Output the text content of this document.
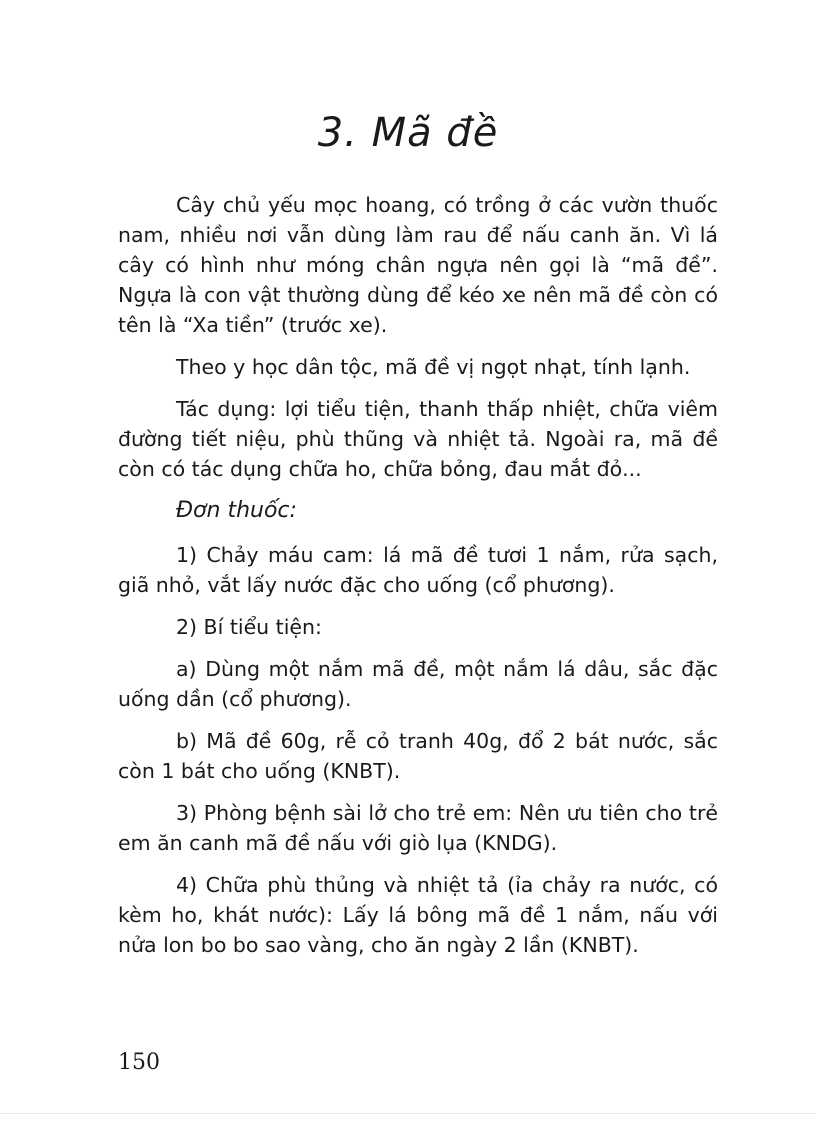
3. Mã đề

Cây chủ yếu mọc hoang, có trồng ở các vườn thuốc nam, nhiều nơi vẫn dùng làm rau để nấu canh ăn. Vì lá cây có hình như móng chân ngựa nên gọi là “mã đề”. Ngựa là con vật thường dùng để kéo xe nên mã đề còn có tên là “Xa tiền” (trước xe).

Theo y học dân tộc, mã đề vị ngọt nhạt, tính lạnh.

Tác dụng: lợi tiểu tiện, thanh thấp nhiệt, chữa viêm đường tiết niệu, phù thũng và nhiệt tả. Ngoài ra, mã đề còn có tác dụng chữa ho, chữa bỏng, đau mắt đỏ...

Đơn thuốc:

1) Chảy máu cam: lá mã đề tươi 1 nắm, rửa sạch, giã nhỏ, vắt lấy nước đặc cho uống (cổ phương).

2) Bí tiểu tiện:

a) Dùng một nắm mã đề, một nắm lá dâu, sắc đặc uống dần (cổ phương).

b) Mã đề 60g, rễ cỏ tranh 40g, đổ 2 bát nước, sắc còn 1 bát cho uống (KNBT).

3) Phòng bệnh sài lở cho trẻ em: Nên ưu tiên cho trẻ em ăn canh mã đề nấu với giò lụa (KNDG).

4) Chữa phù thủng và nhiệt tả (ỉa chảy ra nước, có kèm ho, khát nước): Lấy lá bông mã đề 1 nắm, nấu với nửa lon bo bo sao vàng, cho ăn ngày 2 lần (KNBT).

150
